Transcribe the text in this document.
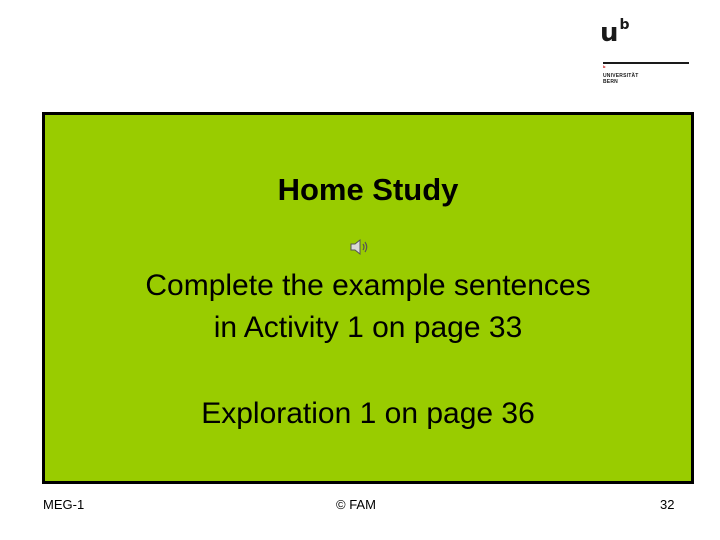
$u^b$
b
UNIVERSITÄT
BERN
Home Study
Complete the example sentences
in Activity 1 on page 33
Exploration 1 on page 36
MEG-1	© FAM	32
